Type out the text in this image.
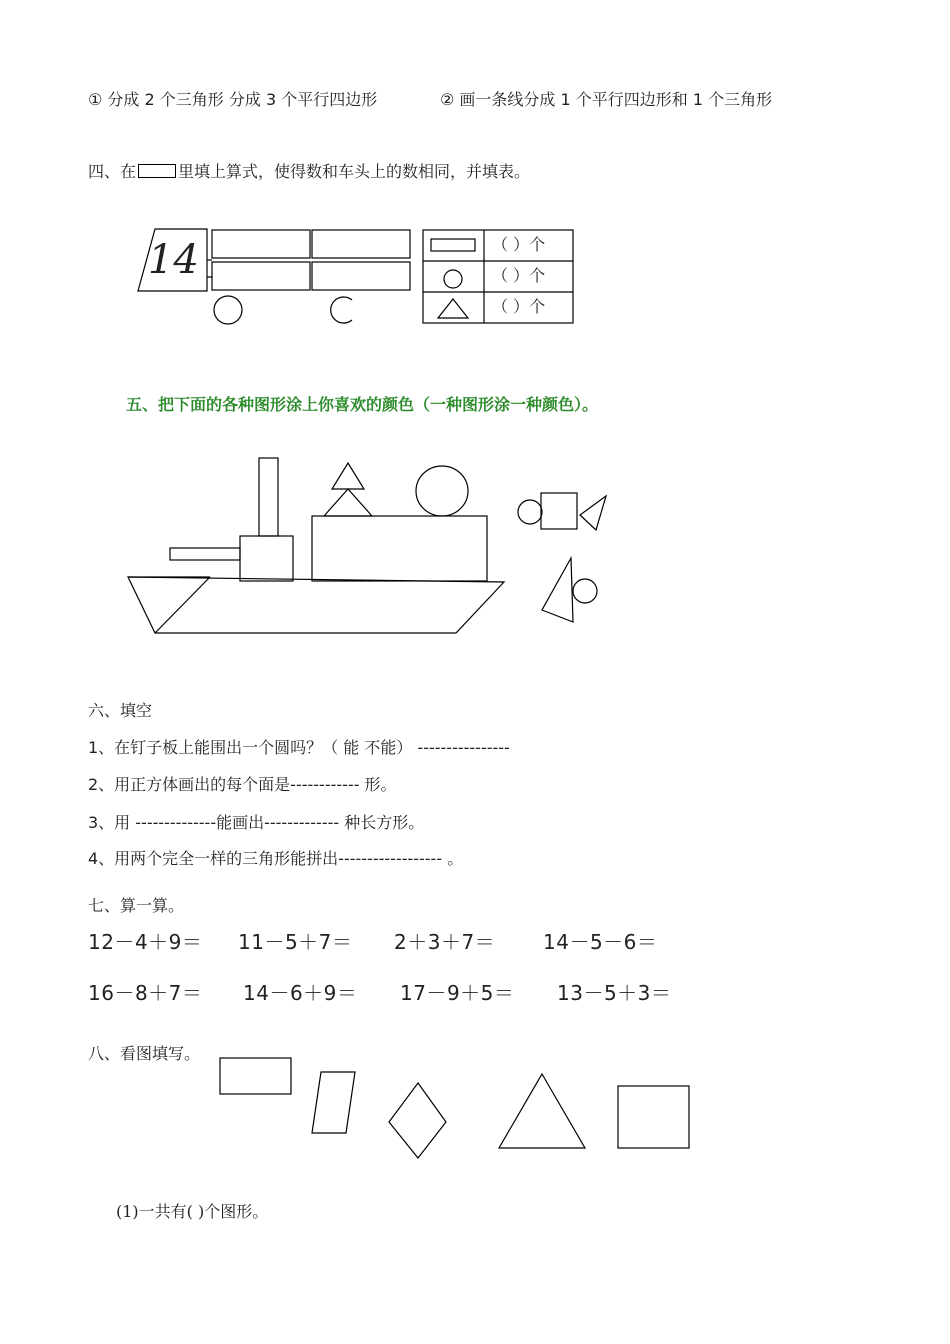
① 分成 2 个三角形 分成 3 个平行四边形	② 画一条线分成 1 个平行四边形和 1 个三角形
四、在	里填上算式，使得数和车头上的数相同，并填表。
14	（ ）个
（ ）个
（ ）个
五、把下面的各种图形涂上你喜欢的颜色（一种图形涂一种颜色）。
六、填空
1、在钉子板上能围出一个圆吗？（ 能 不能） ----------------
2、用正方体画出的每个面是------------ 形。
3、用 --------------能画出------------- 种长方形。
4、用两个完全一样的三角形能拼出------------------ 。
七、算一算。
12－4＋9＝ 11－5＋7＝ 2＋3＋7＝ 14－5－6＝
16－8＋7＝ 14－6＋9＝ 17－9＋5＝ 13－5＋3＝
八、看图填写。
(1)一共有( )个图形。
